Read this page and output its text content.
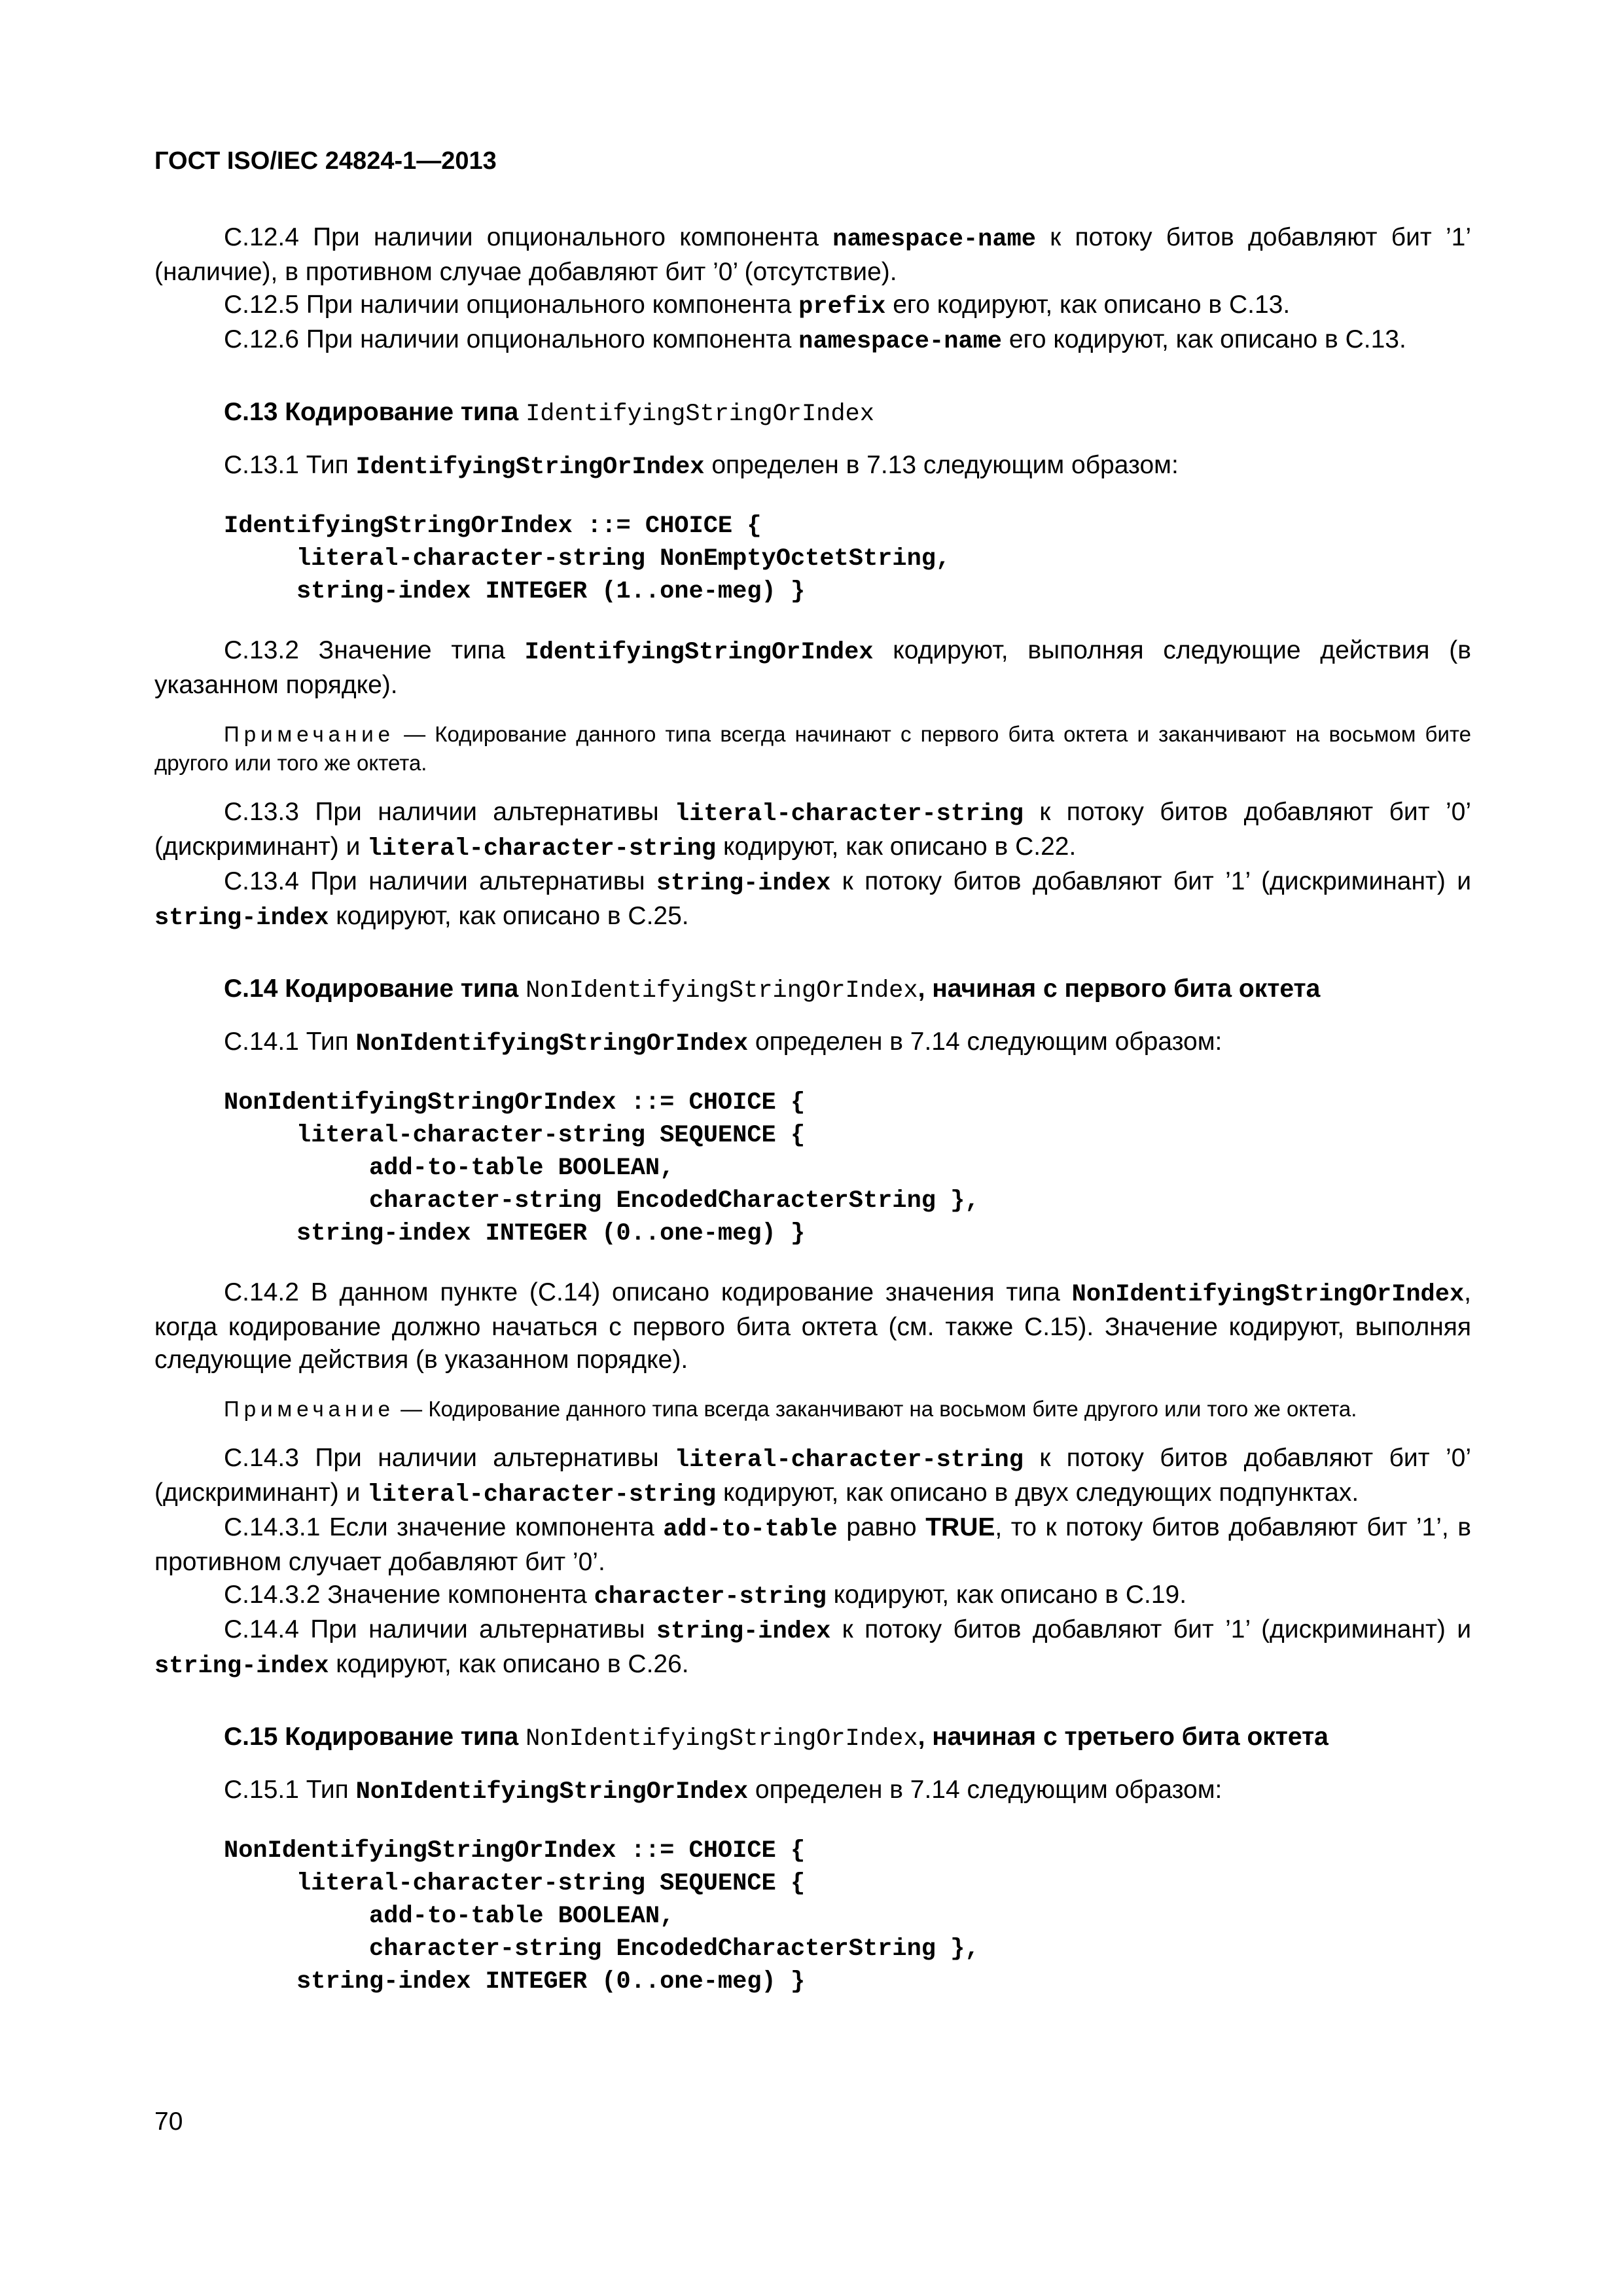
ГОСТ ISO/IEC 24824-1—2013

С.12.4 При наличии опционального компонента namespace-name к потоку битов добавляют бит ’1’ (наличие), в противном случае добавляют бит ’0’ (отсутствие).

С.12.5 При наличии опционального компонента prefix его кодируют, как описано в С.13.

С.12.6 При наличии опционального компонента namespace-name его кодируют, как описано в С.13.

С.13 Кодирование типа IdentifyingStringOrIndex

С.13.1 Тип IdentifyingStringOrIndex определен в 7.13 следующим образом:

IdentifyingStringOrIndex ::= CHOICE {
literal-character-string NonEmptyOctetString,
string-index INTEGER (1..one-meg) }

С.13.2 Значение типа IdentifyingStringOrIndex кодируют, выполняя следующие действия (в указанном порядке).

Примечание — Кодирование данного типа всегда начинают с первого бита октета и заканчивают на восьмом бите другого или того же октета.

С.13.3 При наличии альтернативы literal-character-string к потоку битов добавляют бит ’0’ (дискриминант) и literal-character-string кодируют, как описано в С.22.

С.13.4 При наличии альтернативы string-index к потоку битов добавляют бит ’1’ (дискриминант) и string-index кодируют, как описано в С.25.

С.14 Кодирование типа NonIdentifyingStringOrIndex, начиная с первого бита октета

С.14.1 Тип NonIdentifyingStringOrIndex определен в 7.14 следующим образом:

NonIdentifyingStringOrIndex ::= CHOICE {
literal-character-string SEQUENCE {
add-to-table BOOLEAN,
character-string EncodedCharacterString },
string-index INTEGER (0..one-meg) }

С.14.2 В данном пункте (С.14) описано кодирование значения типа NonIdentifyingStringOrIndex, когда кодирование должно начаться с первого бита октета (см. также С.15). Значение кодируют, выполняя следующие действия (в указанном порядке).

Примечание — Кодирование данного типа всегда заканчивают на восьмом бите другого или того же октета.

С.14.3 При наличии альтернативы literal-character-string к потоку битов добавляют бит ’0’ (дискриминант) и literal-character-string кодируют, как описано в двух следующих подпунктах.

С.14.3.1 Если значение компонента add-to-table равно TRUE, то к потоку битов добавляют бит ’1’, в противном случает добавляют бит ’0’.

С.14.3.2 Значение компонента character-string кодируют, как описано в С.19.

С.14.4 При наличии альтернативы string-index к потоку битов добавляют бит ’1’ (дискриминант) и string-index кодируют, как описано в С.26.

С.15 Кодирование типа NonIdentifyingStringOrIndex, начиная с третьего бита октета

С.15.1 Тип NonIdentifyingStringOrIndex определен в 7.14 следующим образом:

NonIdentifyingStringOrIndex ::= CHOICE {
literal-character-string SEQUENCE {
add-to-table BOOLEAN,
character-string EncodedCharacterString },
string-index INTEGER (0..one-meg) }
70
